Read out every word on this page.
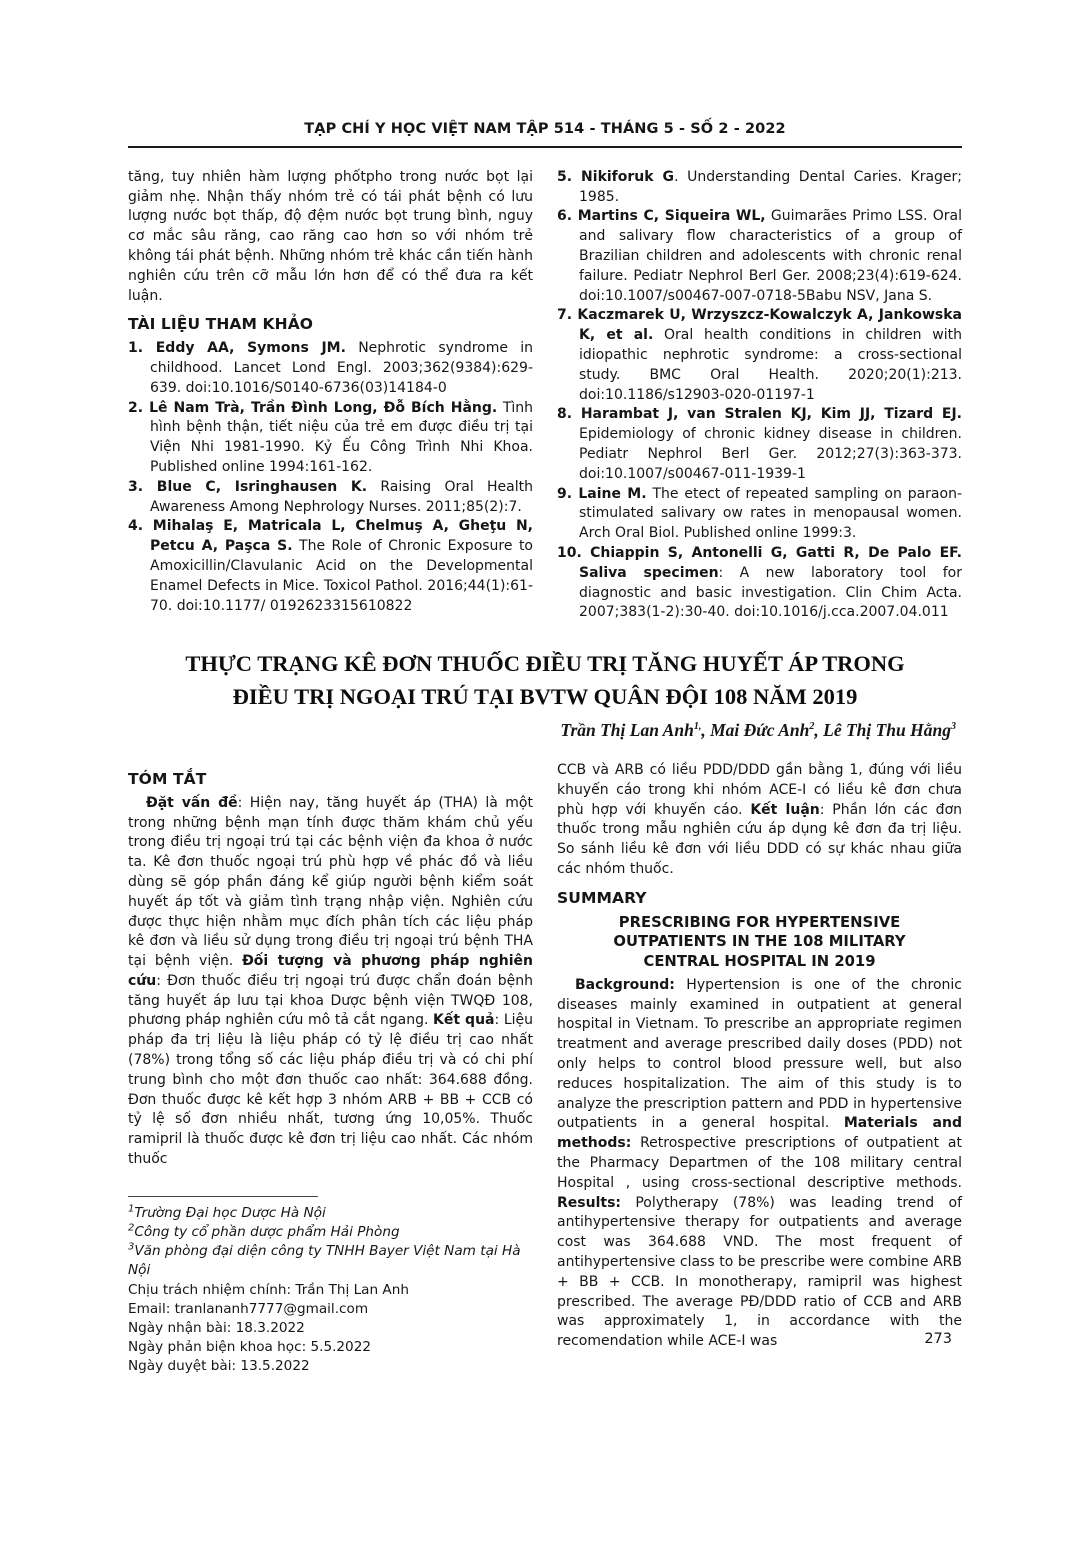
TẠP CHÍ Y HỌC VIỆT NAM TẬP 514 - THÁNG 5 - SỐ 2 - 2022

tăng, tuy nhiên hàm lượng phốtpho trong nước bọt lại giảm nhẹ. Nhận thấy nhóm trẻ có tái phát bệnh có lưu lượng nước bọt thấp, độ đệm nước bọt trung bình, nguy cơ mắc sâu răng, cao răng cao hơn so với nhóm trẻ không tái phát bệnh. Những nhóm trẻ khác cần tiến hành nghiên cứu trên cỡ mẫu lớn hơn để có thể đưa ra kết luận.

TÀI LIỆU THAM KHẢO
1. Eddy AA, Symons JM. Nephrotic syndrome in childhood. Lancet Lond Engl. 2003;362(9384):629-639. doi:10.1016/S0140-6736(03)14184-0
2. Lê Nam Trà, Trần Đình Long, Đỗ Bích Hằng. Tình hình bệnh thận, tiết niệu của trẻ em được điều trị tại Viện Nhi 1981-1990. Kỷ Ếu Công Trình Nhi Khoa. Published online 1994:161-162.
3. Blue C, Isringhausen K. Raising Oral Health Awareness Among Nephrology Nurses. 2011;85(2):7.
4. Mihalaş E, Matricala L, Chelmuş A, Gheţu N, Petcu A, Paşca S. The Role of Chronic Exposure to Amoxicillin/Clavulanic Acid on the Developmental Enamel Defects in Mice. Toxicol Pathol. 2016;44(1):61-70. doi:10.1177/ 0192623315610822
5. Nikiforuk G. Understanding Dental Caries. Krager; 1985.
6. Martins C, Siqueira WL, Guimarães Primo LSS. Oral and salivary flow characteristics of a group of Brazilian children and adolescents with chronic renal failure. Pediatr Nephrol Berl Ger. 2008;23(4):619-624. doi:10.1007/s00467-007-0718-5Babu NSV, Jana S.
7. Kaczmarek U, Wrzyszcz-Kowalczyk A, Jankowska K, et al. Oral health conditions in children with idiopathic nephrotic syndrome: a cross-sectional study. BMC Oral Health. 2020;20(1):213. doi:10.1186/s12903-020-01197-1
8. Harambat J, van Stralen KJ, Kim JJ, Tizard EJ. Epidemiology of chronic kidney disease in children. Pediatr Nephrol Berl Ger. 2012;27(3):363-373. doi:10.1007/s00467-011-1939-1
9. Laine M. The etect of repeated sampling on paraon-stimulated salivary ow rates in menopausal women. Arch Oral Biol. Published online 1999:3.
10. Chiappin S, Antonelli G, Gatti R, De Palo EF. Saliva specimen: A new laboratory tool for diagnostic and basic investigation. Clin Chim Acta. 2007;383(1-2):30-40. doi:10.1016/j.cca.2007.04.011
THỰC TRẠNG KÊ ĐƠN THUỐC ĐIỀU TRỊ TĂNG HUYẾT ÁP TRONG
ĐIỀU TRỊ NGOẠI TRÚ TẠI BVTW QUÂN ĐỘI 108 NĂM 2019
Trần Thị Lan Anh$^{1,}$, Mai Đức Anh$^2$, Lê Thị Thu Hằng$^3$
TÓM TẮT

Đặt vấn đề: Hiện nay, tăng huyết áp (THA) là một trong những bệnh mạn tính được thăm khám chủ yếu trong điều trị ngoại trú tại các bệnh viện đa khoa ở nước ta. Kê đơn thuốc ngoại trú phù hợp về phác đồ và liều dùng sẽ góp phần đáng kể giúp người bệnh kiểm soát huyết áp tốt và giảm tình trạng nhập viện. Nghiên cứu được thực hiện nhằm mục đích phân tích các liệu pháp kê đơn và liều sử dụng trong điều trị ngoại trú bệnh THA tại bệnh viện. Đối tượng và phương pháp nghiên cứu: Đơn thuốc điều trị ngoại trú được chẩn đoán bệnh tăng huyết áp lưu tại khoa Dược bệnh viện TWQĐ 108, phương pháp nghiên cứu mô tả cắt ngang. Kết quả: Liệu pháp đa trị liệu là liệu pháp có tỷ lệ điều trị cao nhất (78%) trong tổng số các liệu pháp điều trị và có chi phí trung bình cho một đơn thuốc cao nhất: 364.688 đồng. Đơn thuốc được kê kết hợp 3 nhóm ARB + BB + CCB có tỷ lệ số đơn nhiều nhất, tương ứng 10,05%. Thuốc ramipril là thuốc được kê đơn trị liệu cao nhất. Các nhóm thuốc

$^1$Trường Đại học Dược Hà Nội
$^2$Công ty cổ phần dược phẩm Hải Phòng
$^3$Văn phòng đại diện công ty TNHH Bayer Việt Nam tại Hà Nội
Chịu trách nhiệm chính: Trần Thị Lan Anh
Email: tranlananh7777@gmail.com
Ngày nhận bài: 18.3.2022
Ngày phản biện khoa học: 5.5.2022
Ngày duyệt bài: 13.5.2022

CCB và ARB có liều PDD/DDD gần bằng 1, đúng với liều khuyến cáo trong khi nhóm ACE-I có liều kê đơn chưa phù hợp với khuyến cáo. Kết luận: Phần lớn các đơn thuốc trong mẫu nghiên cứu áp dụng kê đơn đa trị liệu. So sánh liều kê đơn với liều DDD có sự khác nhau giữa các nhóm thuốc.

SUMMARY
PRESCRIBING FOR HYPERTENSIVE OUTPATIENTS IN THE 108 MILITARY CENTRAL HOSPITAL IN 2019

Background: Hypertension is one of the chronic diseases mainly examined in outpatient at general hospital in Vietnam. To prescribe an appropriate regimen treatment and average prescribed daily doses (PDD) not only helps to control blood pressure well, but also reduces hospitalization. The aim of this study is to analyze the prescription pattern and PDD in hypertensive outpatients in a general hospital. Materials and methods: Retrospective prescriptions of outpatient at the Pharmacy Departmen of the 108 military central Hospital , using cross-sectional descriptive methods. Results: Polytherapy (78%) was leading trend of antihypertensive therapy for outpatients and average cost was 364.688 VND. The most frequent of antihypertensive class to be prescribe were combine ARB + BB + CCB. In monotherapy, ramipril was highest prescribed. The average PĐ/DDD ratio of CCB and ARB was approximately 1, in accordance with the recomendation while ACE-I was	273
